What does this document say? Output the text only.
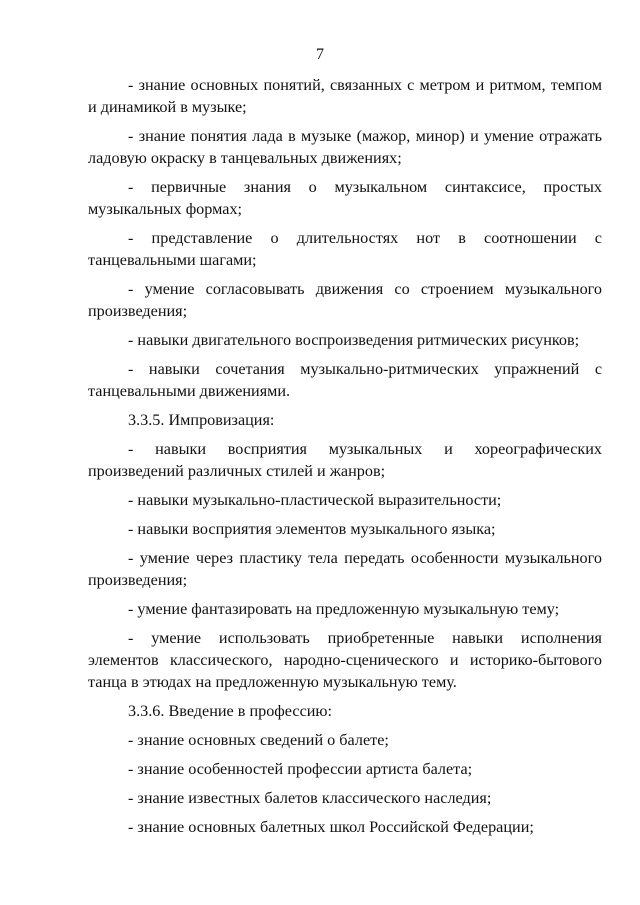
7

- знание основных понятий, связанных с метром и ритмом, темпом и динамикой в музыке;

- знание понятия лада в музыке (мажор, минор) и умение отражать ладовую окраску в танцевальных движениях;

- первичные знания о музыкальном синтаксисе, простых музыкальных формах;

- представление о длительностях нот в соотношении с танцевальными шагами;

- умение согласовывать движения со строением музыкального произведения;

- навыки двигательного воспроизведения ритмических рисунков;

- навыки сочетания музыкально-ритмических упражнений с танцевальными движениями.

3.3.5. Импровизация:

- навыки восприятия музыкальных и хореографических произведений различных стилей и жанров;

- навыки музыкально-пластической выразительности;

- навыки восприятия элементов музыкального языка;

- умение через пластику тела передать особенности музыкального произведения;

- умение фантазировать на предложенную музыкальную тему;

- умение использовать приобретенные навыки исполнения элементов классического, народно-сценического и историко-бытового танца в этюдах на предложенную музыкальную тему.

3.3.6. Введение в профессию:

- знание основных сведений о балете;

- знание особенностей профессии артиста балета;

- знание известных балетов классического наследия;

- знание основных балетных школ Российской Федерации;
